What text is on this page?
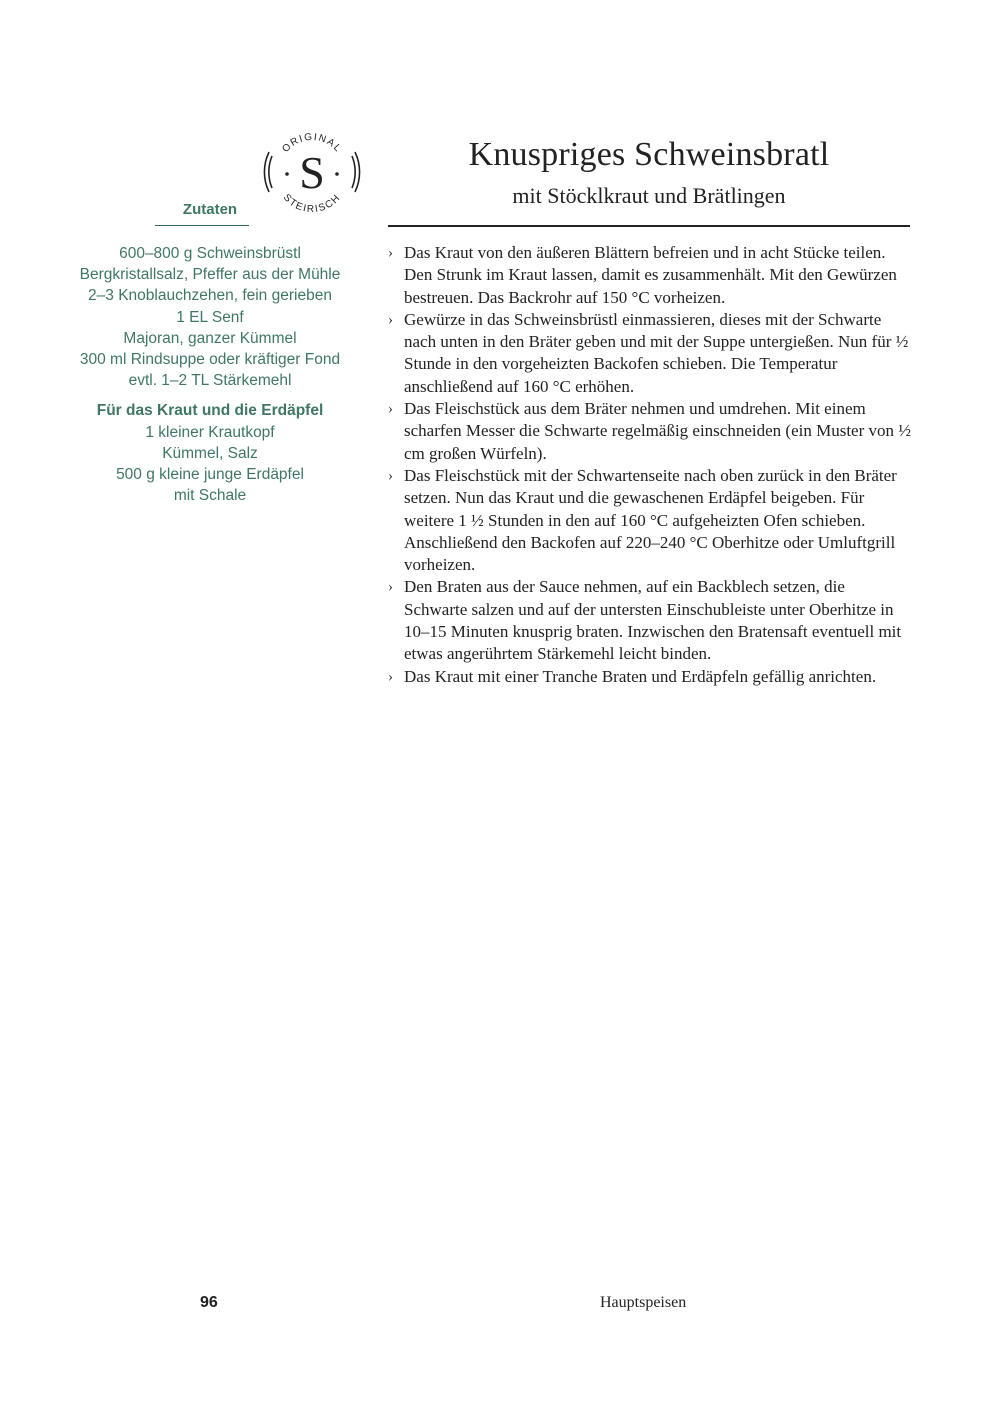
ORIGINAL
STEIRISCH
S
Zutaten
600–800 g Schweinsbrüstl
Bergkristallsalz, Pfeffer aus der Mühle
2–3 Knoblauchzehen, fein gerieben
1 EL Senf
Majoran, ganzer Kümmel
300 ml Rindsuppe oder kräftiger Fond
evtl. 1–2 TL Stärkemehl
Für das Kraut und die Erdäpfel
1 kleiner Krautkopf
Kümmel, Salz
500 g kleine junge Erdäpfel
mit Schale
Knuspriges Schweinsbratl
mit Stöcklkraut und Brätlingen
› Das Kraut von den äußeren Blättern befreien und in acht Stücke teilen. Den Strunk im Kraut lassen, damit es zusammenhält. Mit den Gewürzen bestreuen. Das Backrohr auf 150 °C vorheizen.
› Gewürze in das Schweinsbrüstl einmassieren, dieses mit der Schwarte nach unten in den Bräter geben und mit der Suppe untergießen. Nun für ½ Stunde in den vorgeheizten Backofen schieben. Die Temperatur anschließend auf 160 °C erhöhen.
› Das Fleischstück aus dem Bräter nehmen und umdrehen. Mit einem scharfen Messer die Schwarte regelmäßig einschneiden (ein Muster von ½ cm großen Würfeln).
› Das Fleischstück mit der Schwartenseite nach oben zurück in den Bräter setzen. Nun das Kraut und die gewaschenen Erdäpfel beigeben. Für weitere 1 ½ Stunden in den auf 160 °C aufgeheizten Ofen schieben. Anschließend den Backofen auf 220–240 °C Oberhitze oder Umluftgrill vorheizen.
› Den Braten aus der Sauce nehmen, auf ein Backblech setzen, die Schwarte salzen und auf der untersten Einschubleiste unter Oberhitze in 10–15 Minuten knusprig braten. Inzwischen den Bratensaft eventuell mit etwas angerührtem Stärkemehl leicht binden.
› Das Kraut mit einer Tranche Braten und Erdäpfeln gefällig anrichten.
96	Hauptspeisen
